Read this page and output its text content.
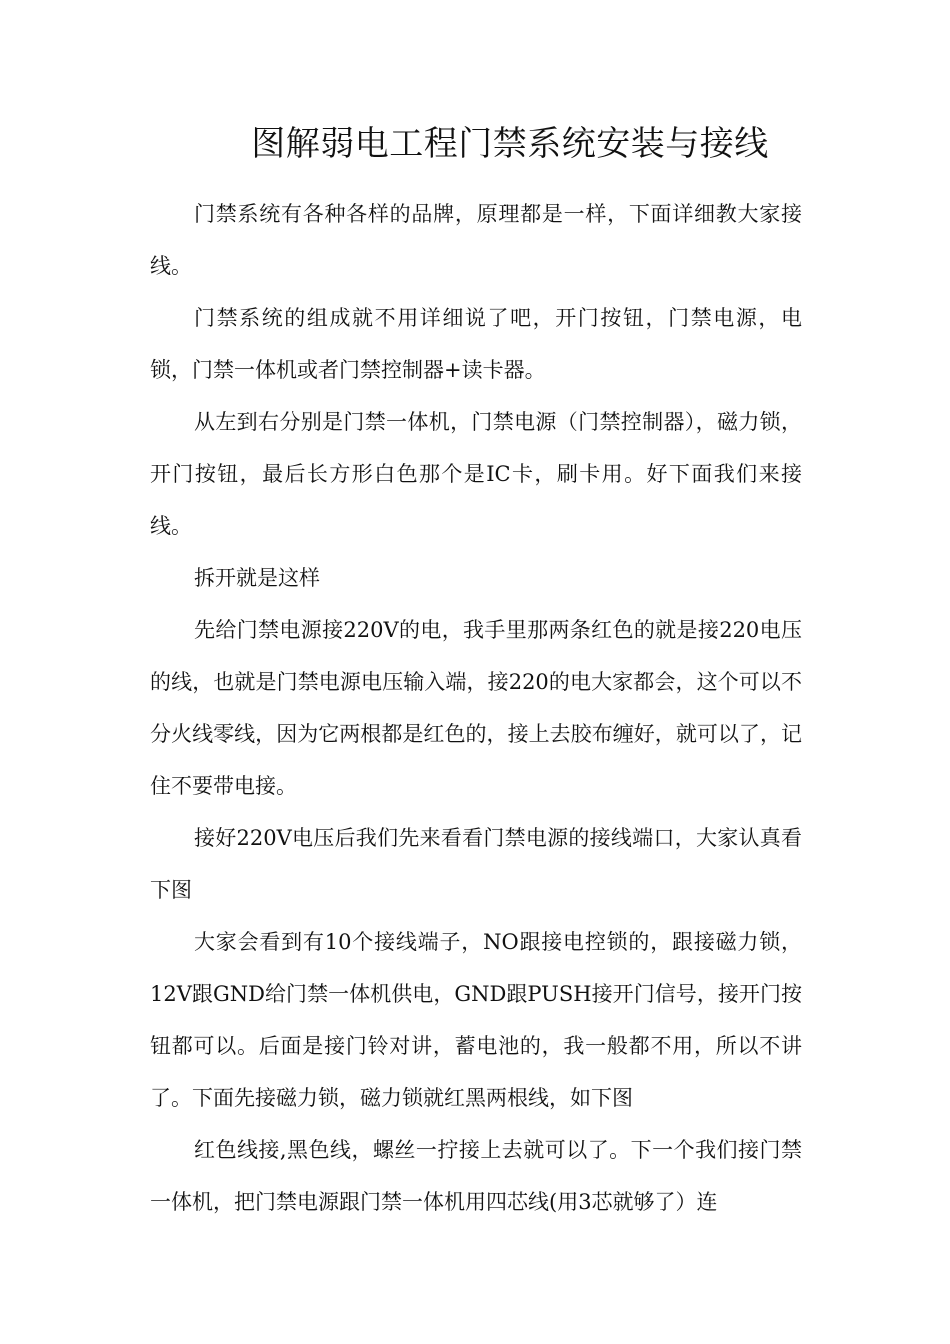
图解弱电工程门禁系统安装与接线

门禁系统有各种各样的品牌，原理都是一样，下面详细教大家接线。

门禁系统的组成就不用详细说了吧，开门按钮，门禁电源，电锁，门禁一体机或者门禁控制器+读卡器。

从左到右分别是门禁一体机，门禁电源（门禁控制器），磁力锁，开门按钮，最后长方形白色那个是IC卡，刷卡用。好下面我们来接线。

拆开就是这样

先给门禁电源接220V的电，我手里那两条红色的就是接220电压的线，也就是门禁电源电压输入端，接220的电大家都会，这个可以不分火线零线，因为它两根都是红色的，接上去胶布缠好，就可以了，记住不要带电接。

接好220V电压后我们先来看看门禁电源的接线端口，大家认真看下图

大家会看到有10个接线端子，NO跟接电控锁的，跟接磁力锁，12V跟GND给门禁一体机供电，GND跟PUSH接开门信号，接开门按钮都可以。后面是接门铃对讲，蓄电池的，我一般都不用，所以不讲了。下面先接磁力锁，磁力锁就红黑两根线，如下图

红色线接,黑色线，螺丝一拧接上去就可以了。下一个我们接门禁一体机，把门禁电源跟门禁一体机用四芯线(用3芯就够了）连
